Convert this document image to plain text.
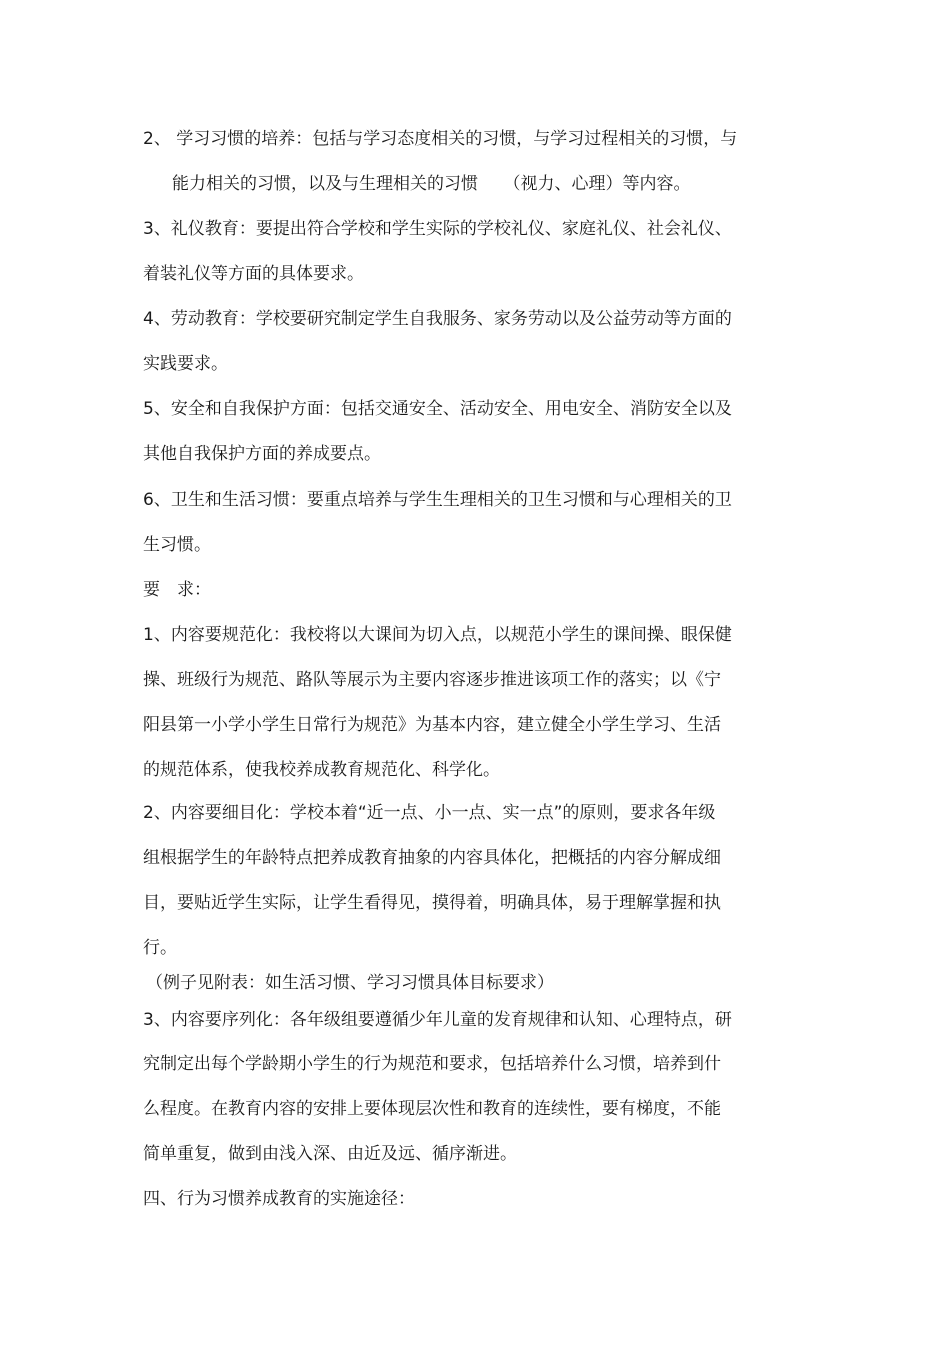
2、 学习习惯的培养：包括与学习态度相关的习惯，与学习过程相关的习惯，与
能力相关的习惯，以及与生理相关的习惯　　（视力、心理）等内容。
3、礼仪教育：要提出符合学校和学生实际的学校礼仪、家庭礼仪、社会礼仪、
着装礼仪等方面的具体要求。
4、劳动教育：学校要研究制定学生自我服务、家务劳动以及公益劳动等方面的
实践要求。
5、安全和自我保护方面：包括交通安全、活动安全、用电安全、消防安全以及
其他自我保护方面的养成要点。
6、卫生和生活习惯：要重点培养与学生生理相关的卫生习惯和与心理相关的卫
生习惯。
要　求：
1、内容要规范化：我校将以大课间为切入点，以规范小学生的课间操、眼保健
操、班级行为规范、路队等展示为主要内容逐步推进该项工作的落实；以《宁
阳县第一小学小学生日常行为规范》为基本内容，建立健全小学生学习、生活
的规范体系，使我校养成教育规范化、科学化。
2、内容要细目化：学校本着“近一点、小一点、实一点”的原则，要求各年级
组根据学生的年龄特点把养成教育抽象的内容具体化，把概括的内容分解成细
目，要贴近学生实际，让学生看得见，摸得着，明确具体，易于理解掌握和执
行。
（例子见附表：如生活习惯、学习习惯具体目标要求）
3、内容要序列化：各年级组要遵循少年儿童的发育规律和认知、心理特点，研
究制定出每个学龄期小学生的行为规范和要求，包括培养什么习惯，培养到什
么程度。在教育内容的安排上要体现层次性和教育的连续性，要有梯度，不能
简单重复，做到由浅入深、由近及远、循序渐进。
四、行为习惯养成教育的实施途径：
